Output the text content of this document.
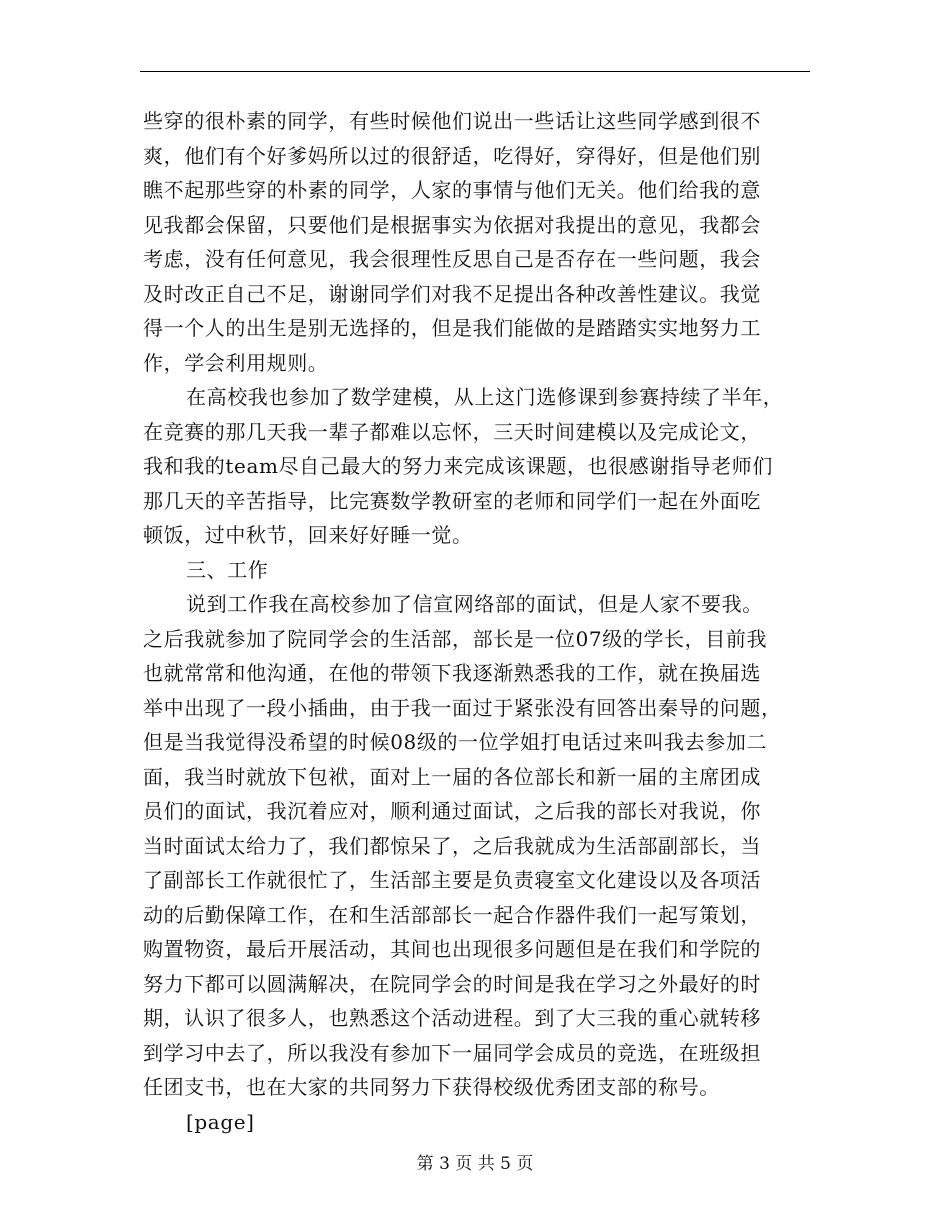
些穿的很朴素的同学，有些时候他们说出一些话让这些同学感到很不
爽，他们有个好爹妈所以过的很舒适，吃得好，穿得好，但是他们别
瞧不起那些穿的朴素的同学，人家的事情与他们无关。他们给我的意
见我都会保留，只要他们是根据事实为依据对我提出的意见，我都会
考虑，没有任何意见，我会很理性反思自己是否存在一些问题，我会
及时改正自己不足，谢谢同学们对我不足提出各种改善性建议。我觉
得一个人的出生是别无选择的，但是我们能做的是踏踏实实地努力工
作，学会利用规则。
在高校我也参加了数学建模，从上这门选修课到参赛持续了半年，
在竞赛的那几天我一辈子都难以忘怀，三天时间建模以及完成论文，
我和我的team尽自己最大的努力来完成该课题，也很感谢指导老师们
那几天的辛苦指导，比完赛数学教研室的老师和同学们一起在外面吃
顿饭，过中秋节，回来好好睡一觉。
三、工作
说到工作我在高校参加了信宣网络部的面试，但是人家不要我。
之后我就参加了院同学会的生活部，部长是一位07级的学长，目前我
也就常常和他沟通，在他的带领下我逐渐熟悉我的工作，就在换届选
举中出现了一段小插曲，由于我一面过于紧张没有回答出秦导的问题，
但是当我觉得没希望的时候08级的一位学姐打电话过来叫我去参加二
面，我当时就放下包袱，面对上一届的各位部长和新一届的主席团成
员们的面试，我沉着应对，顺利通过面试，之后我的部长对我说，你
当时面试太给力了，我们都惊呆了，之后我就成为生活部副部长，当
了副部长工作就很忙了，生活部主要是负责寝室文化建设以及各项活
动的后勤保障工作，在和生活部部长一起合作器件我们一起写策划，
购置物资，最后开展活动，其间也出现很多问题但是在我们和学院的
努力下都可以圆满解决，在院同学会的时间是我在学习之外最好的时
期，认识了很多人，也熟悉这个活动进程。到了大三我的重心就转移
到学习中去了，所以我没有参加下一届同学会成员的竞选，在班级担
任团支书，也在大家的共同努力下获得校级优秀团支部的称号。
[page]
第 3 页 共 5 页
